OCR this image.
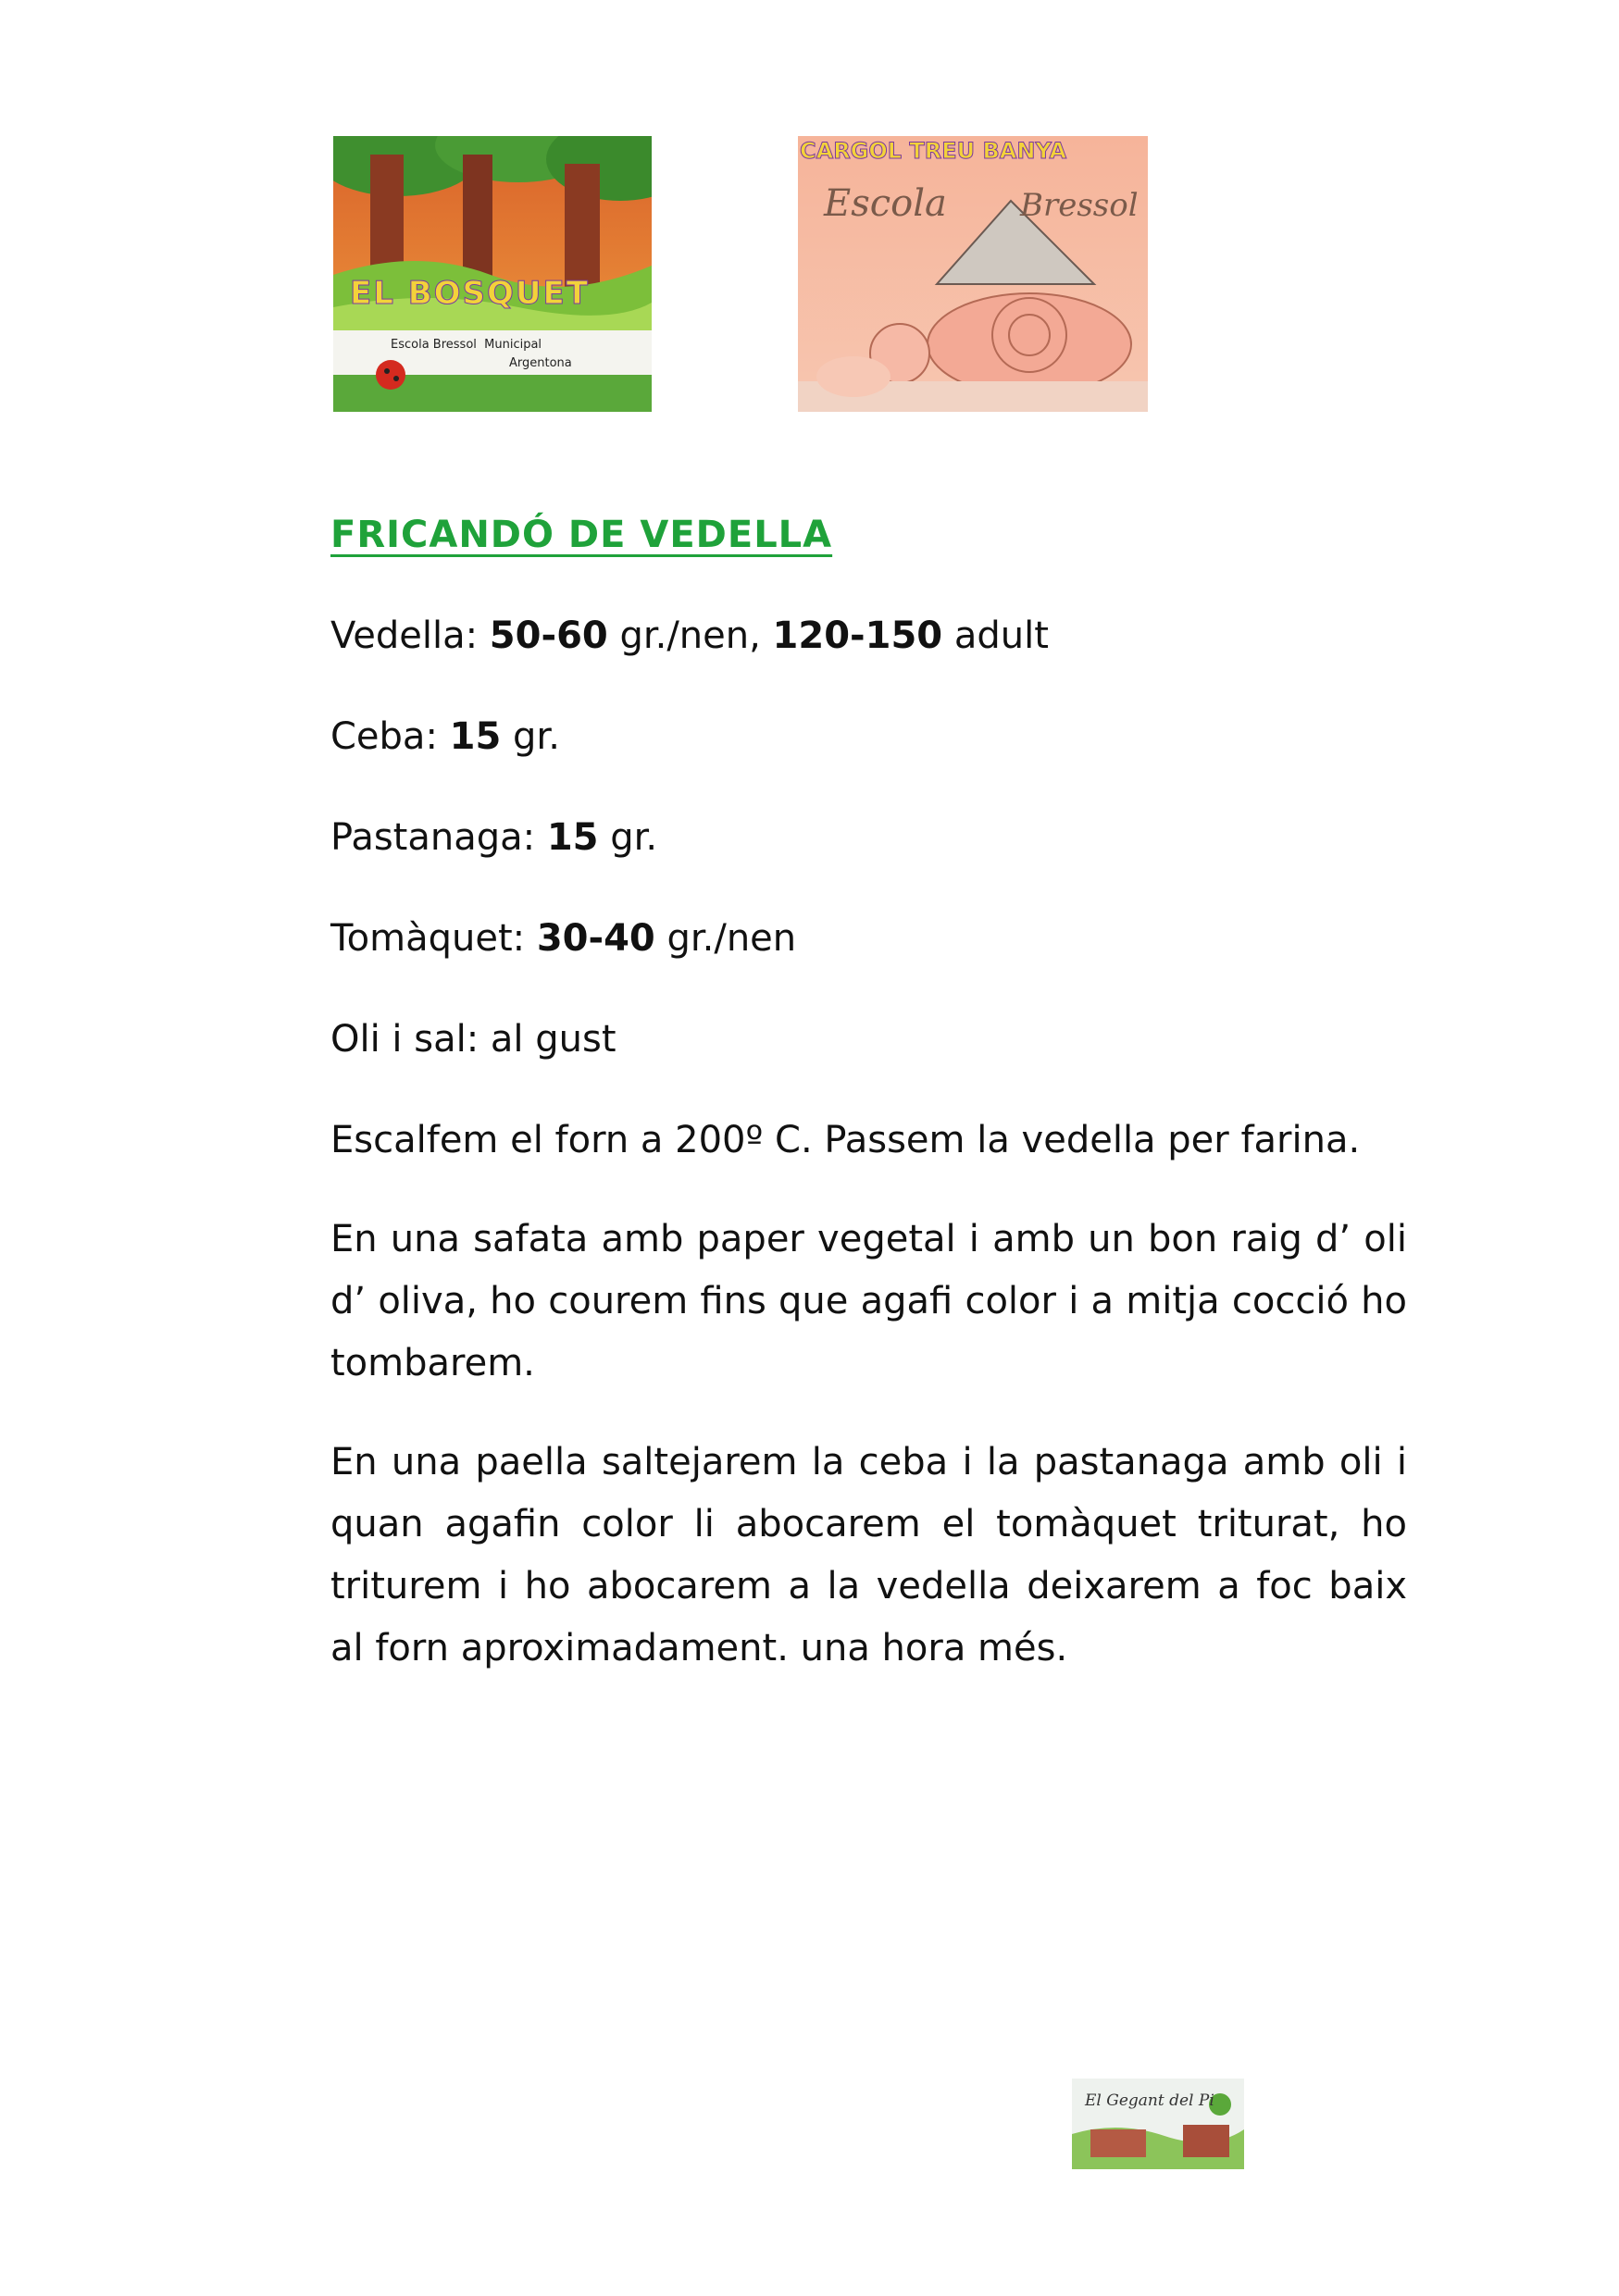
EL BOSQUET
Escola Bressol  Municipal
Argentona
CARGOL TREU BANYA
Escola Bressol
FRICANDÓ DE VEDELLA
Vedella: 50-60 gr./nen, 120-150 adult
Ceba: 15 gr.
Pastanaga: 15 gr.
Tomàquet: 30-40 gr./nen
Oli i sal: al gust

Escalfem el forn a 200º C. Passem la vedella per farina.

En una safata amb paper vegetal i amb un bon raig d’ oli d’ oliva, ho courem fins que agafi color i a mitja cocció ho tombarem.

En una paella saltejarem la ceba i la pastanaga amb oli i quan agafin color li abocarem el tomàquet triturat, ho triturem i ho abocarem a la vedella deixarem a foc baix al forn aproximadament. una hora més.

El Gegant del Pi
